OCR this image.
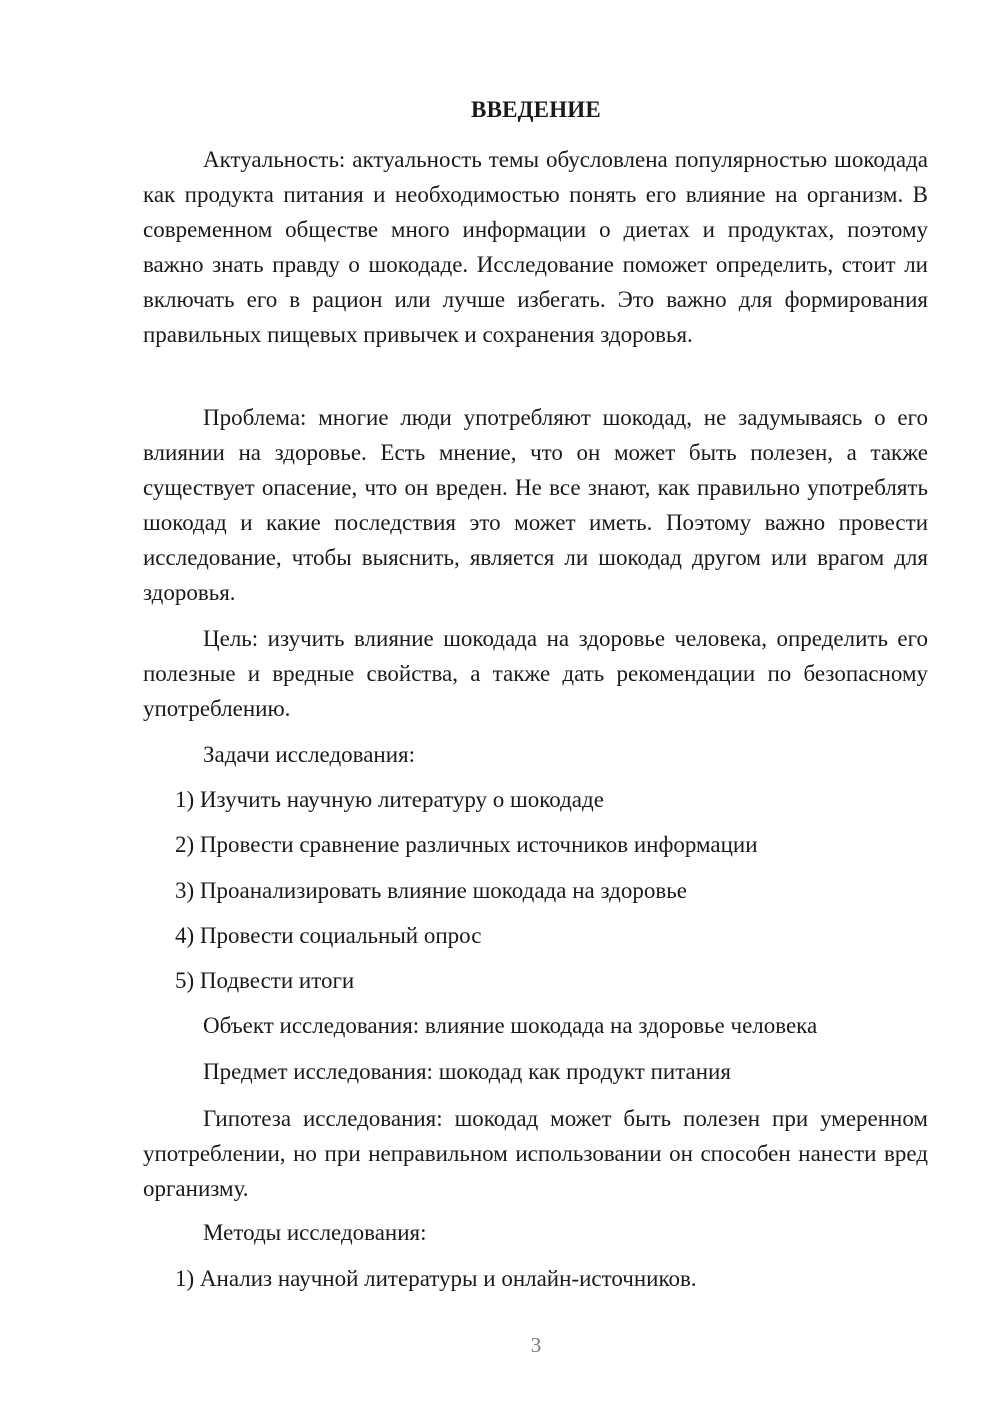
ВВЕДЕНИЕ

Актуальность: актуальность темы обусловлена популярностью шокодада как продукта питания и необходимостью понять его влияние на организм. В современном обществе много информации о диетах и продуктах, поэтому важно знать правду о шокодаде. Исследование поможет определить, стоит ли включать его в рацион или лучше избегать. Это важно для формирования правильных пищевых привычек и сохранения здоровья.

Проблема: многие люди употребляют шокодад, не задумываясь о его влиянии на здоровье. Есть мнение, что он может быть полезен, а также существует опасение, что он вреден. Не все знают, как правильно употреблять шокодад и какие последствия это может иметь. Поэтому важно провести исследование, чтобы выяснить, является ли шокодад другом или врагом для здоровья.

Цель: изучить влияние шокодада на здоровье человека, определить его полезные и вредные свойства, а также дать рекомендации по безопасному употреблению.

Задачи исследования:

1) Изучить научную литературу о шокодаде

2) Провести сравнение различных источников информации

3) Проанализировать влияние шокодада на здоровье

4) Провести социальный опрос

5) Подвести итоги

Объект исследования: влияние шокодада на здоровье человека

Предмет исследования: шокодад как продукт питания

Гипотеза исследования: шокодад может быть полезен при умеренном употреблении, но при неправильном использовании он способен нанести вред организму.

Методы исследования:

1) Анализ научной литературы и онлайн-источников.

3
